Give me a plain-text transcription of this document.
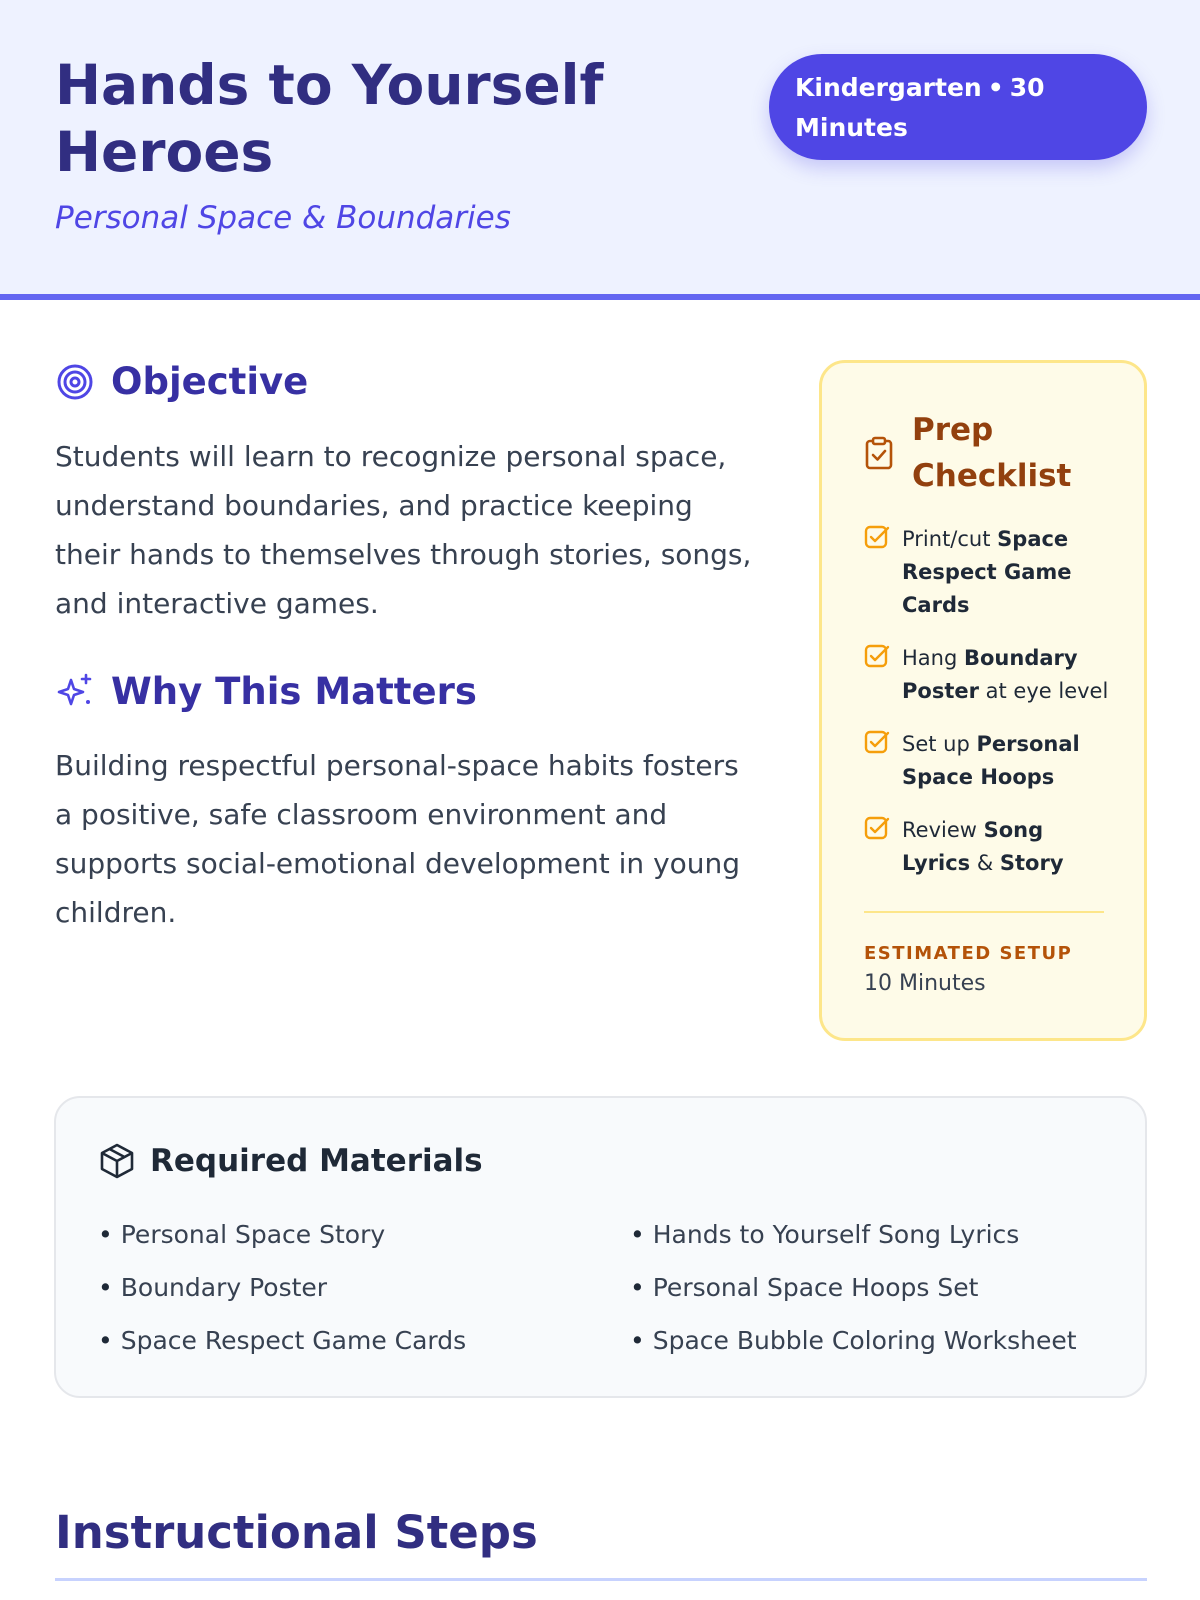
Hands to Yourself Heroes
Personal Space & Boundaries
Kindergarten • 30 Minutes
Objective

Students will learn to recognize personal space, understand boundaries, and practice keeping their hands to themselves through stories, songs, and interactive games.

Why This Matters

Building respectful personal-space habits fosters a positive, safe classroom environment and supports social-emotional development in young children.

Prep Checklist
Print/cut Space Respect Game Cards
Hang Boundary Poster at eye level
Set up Personal Space Hoops
Review Song Lyrics & Story
ESTIMATED SETUP
10 Minutes
Required Materials
• Personal Space Story
• Boundary Poster
• Space Respect Game Cards
• Hands to Yourself Song Lyrics
• Personal Space Hoops Set
• Space Bubble Coloring Worksheet
Instructional Steps
